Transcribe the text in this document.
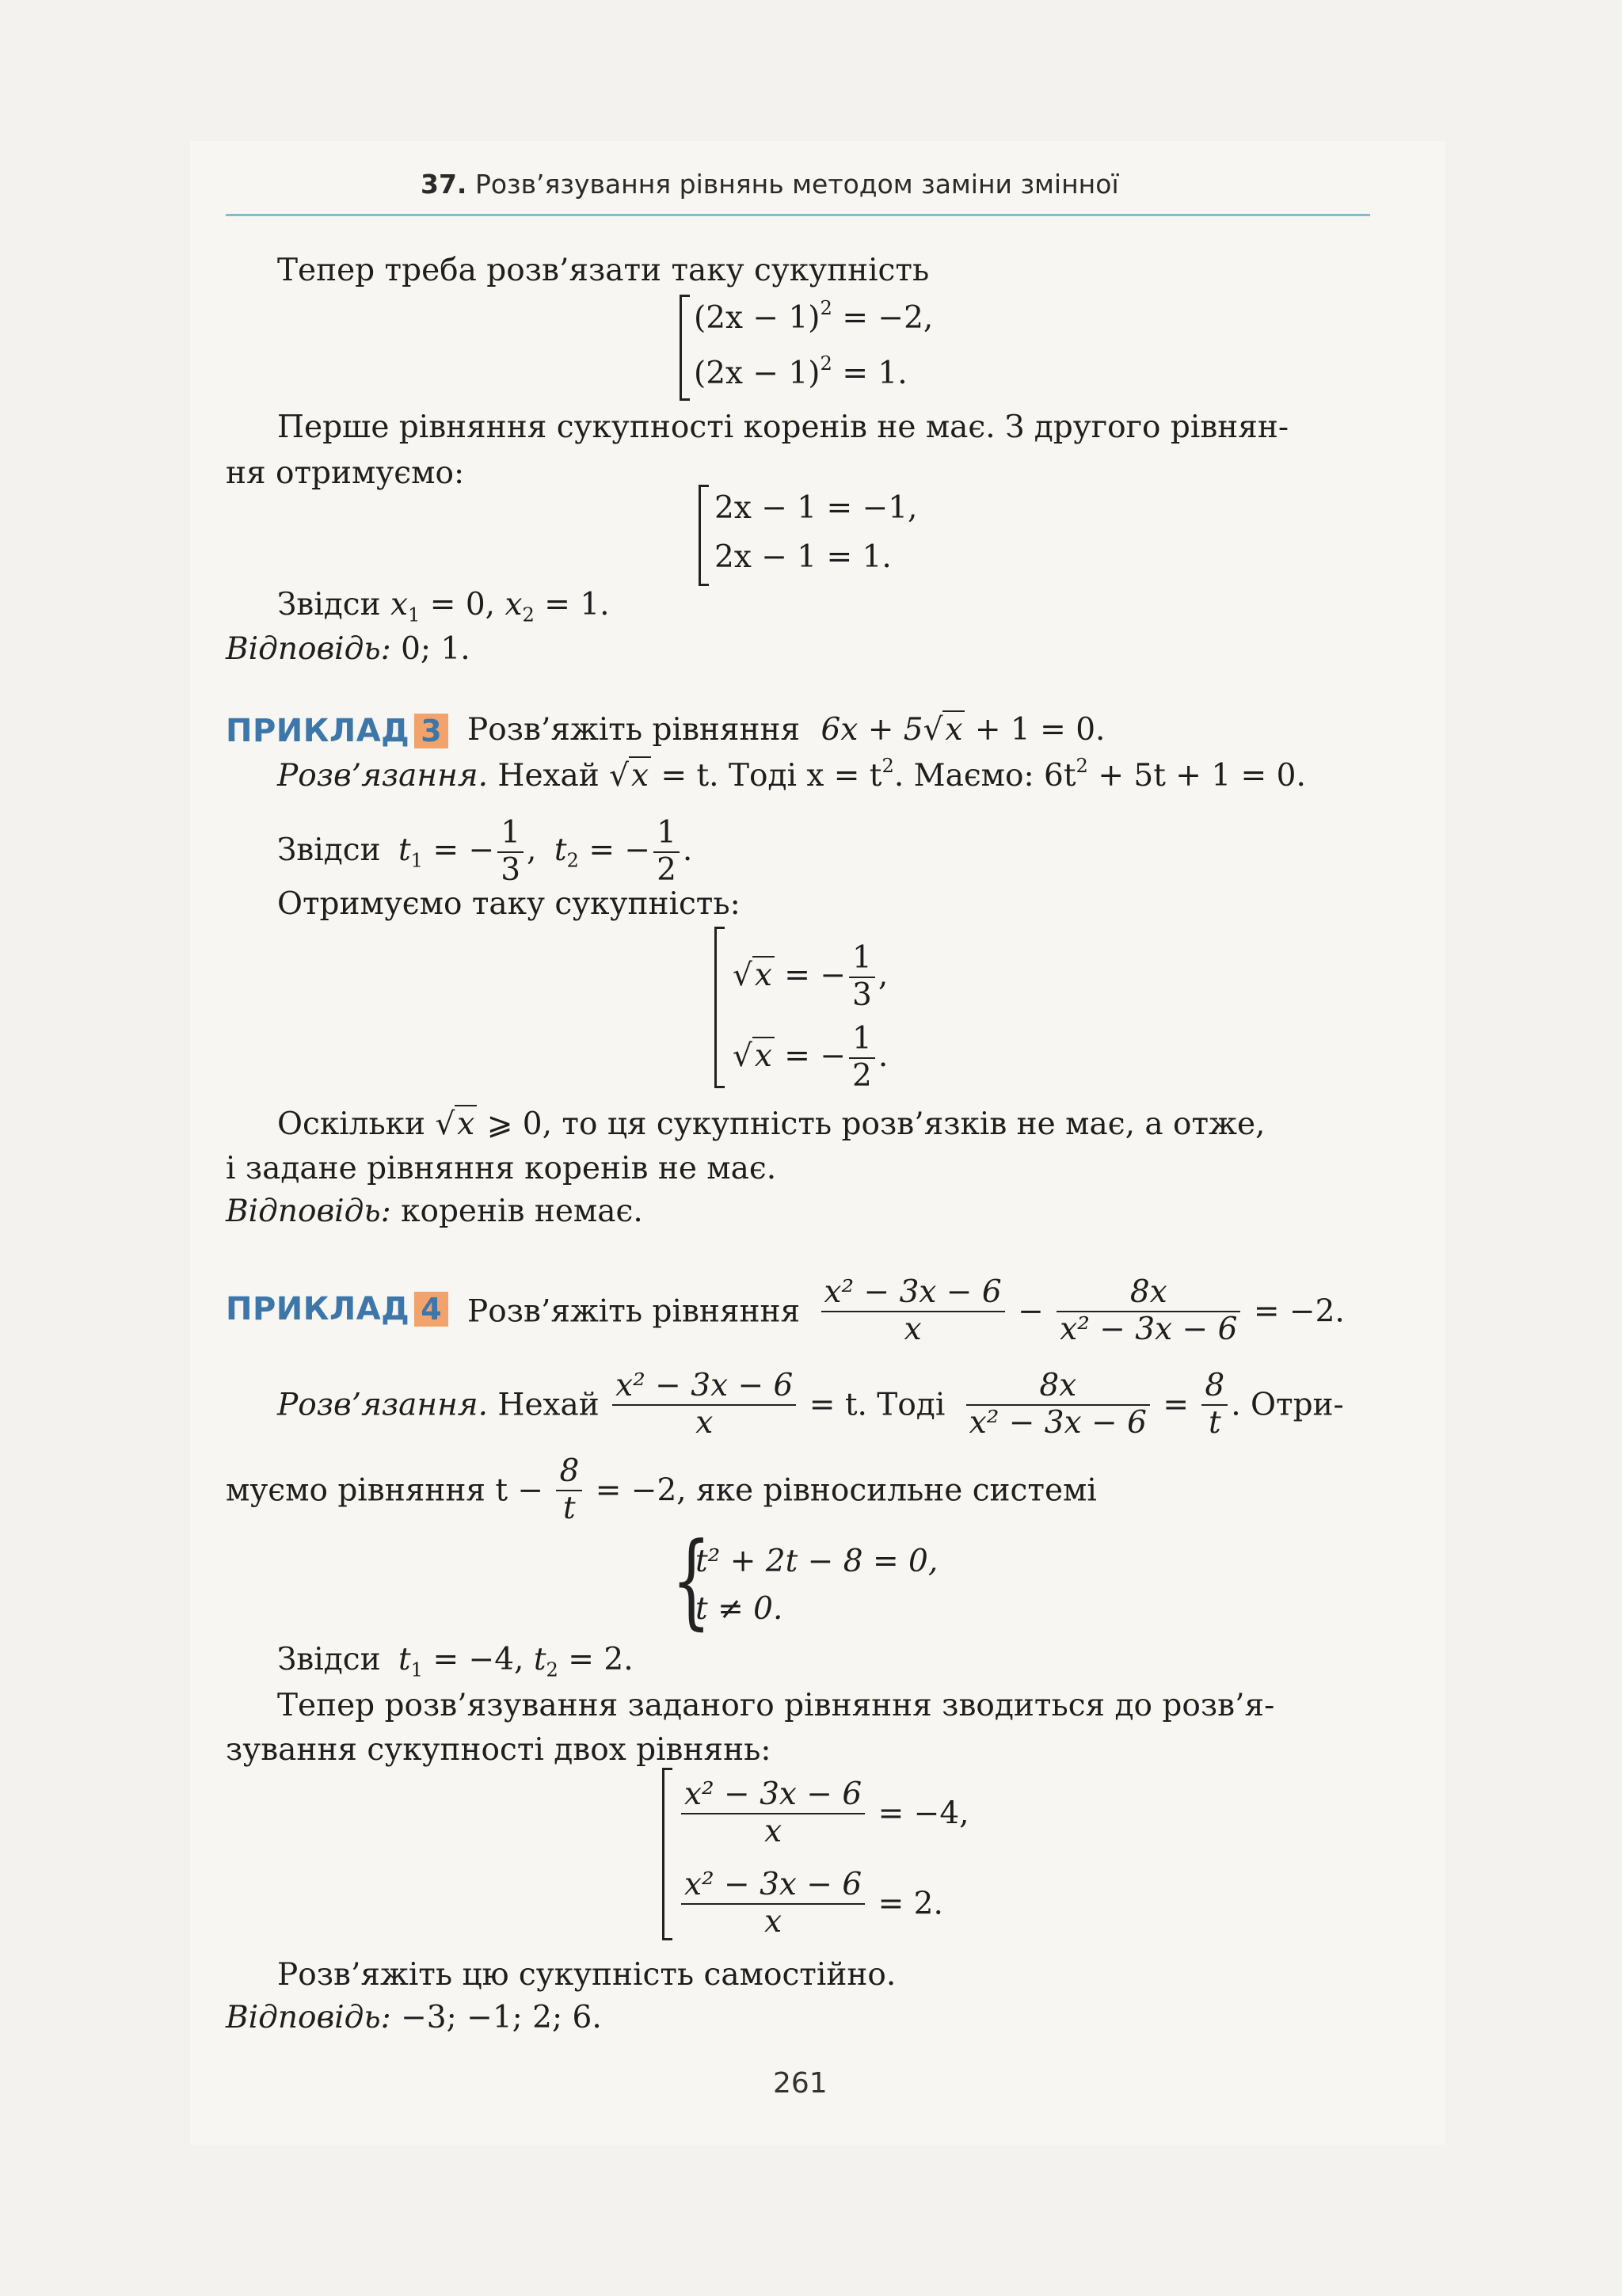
37. Розв’язування рівнянь методом заміни змінної
Тепер треба розв’язати таку сукупність
$(2x - 1)^2 = -2$,
$(2x - 1)^2 = 1$.
Перше рівняння сукупності коренів не має. З другого рівнян-
ня отримуємо:
2x − 1 = −1,
2x − 1 = 1.
Звідси $x_1 = 0$, $x_2 = 1$.
Відповідь: 0; 1.
ПРИКЛАД 3 Розв’яжіть рівняння 6x + 5√x + 1 = 0.
Розв’язання. Нехай √x = t. Тоді $x = t^2$. Маємо: $6t^2 + 5t + 1 = 0$.
Звідси $t_1$ = − $\frac{1}{3}$ , $t_2$ = − $\frac{1}{2}$ .
Отримуємо таку сукупність:
√x = − $\frac{1}{3}$ ,
√x = − $\frac{1}{2}$ .
Оскільки √x ⩾ 0, то ця сукупність розв’язків не має, а отже,
і задане рівняння коренів не має.
Відповідь: коренів немає.
ПРИКЛАД 4 Розв’яжіть рівняння $\frac{\text{x² − 3x − 6}}{x} - \frac{8x}{\text{x² − 3x − 6}} = -2$.
Розв’язання. Нехай $\frac{\text{x² − 3x − 6}}{x} = t$. Тоді $\frac{8x}{\text{x² − 3x − 6}} = \frac{8}{t}$ . Отри-
муємо рівняння $t - \frac{8}{t} = -2$, яке рівносильне системі
{
t² + 2t − 8 = 0,
t ≠ 0.
Звідси $t_1 = -4$, $t_2 = 2$.
Тепер розв’язування заданого рівняння зводиться до розв’я-
зування сукупності двох рівнянь:
$\frac{\text{x² − 3x − 6}}{x} = -4$,
$\frac{\text{x² − 3x − 6}}{x} = 2$.
Розв’яжіть цю сукупність самостійно.
Відповідь: −3; −1; 2; 6.
261
